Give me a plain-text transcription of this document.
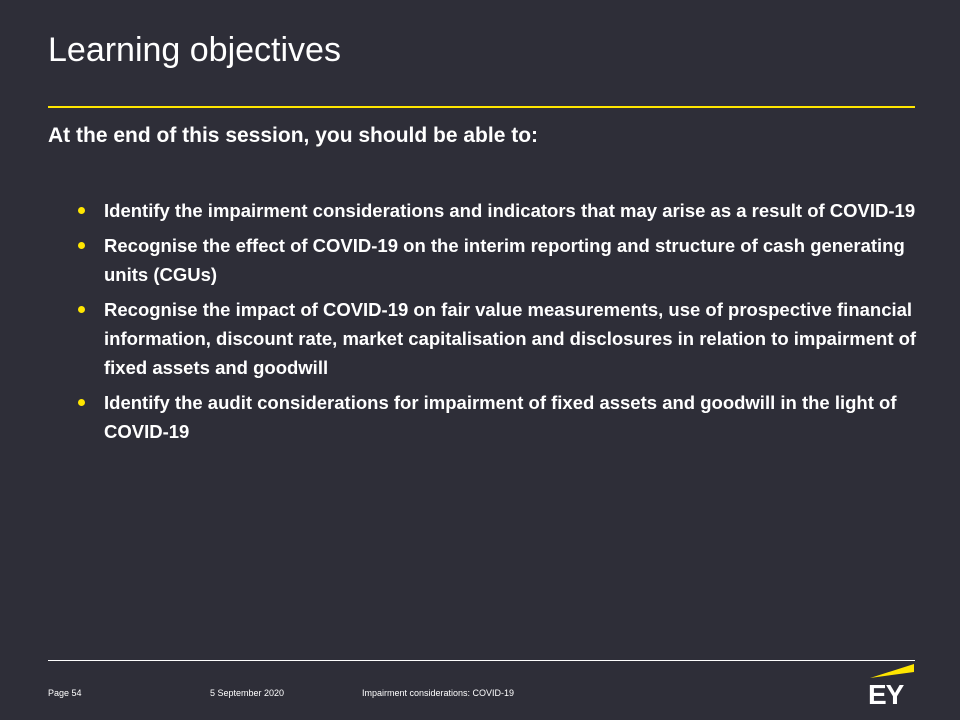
Learning objectives

At the end of this session, you should be able to:

Identify the impairment considerations and indicators that may arise as a result of COVID-19
Recognise the effect of COVID-19 on the interim reporting and structure of cash generating units (CGUs)
Recognise the impact of COVID-19 on fair value measurements, use of prospective financial information, discount rate, market capitalisation and disclosures in relation to impairment of fixed assets and goodwill
Identify the audit considerations for impairment of fixed assets and goodwill in the light of COVID-19

Page 54	5 September 2020	Impairment considerations: COVID-19	EY
